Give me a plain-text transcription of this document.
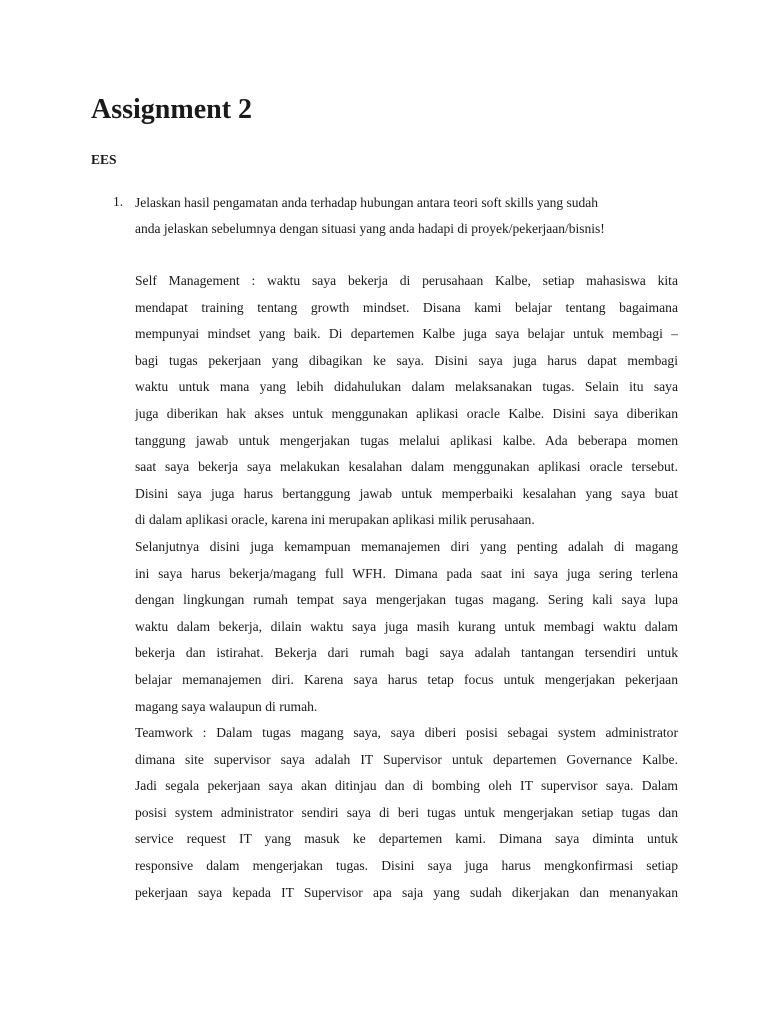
Assignment 2
EES
1. Jelaskan hasil pengamatan anda terhadap hubungan antara teori soft skills yang sudah
anda jelaskan sebelumnya dengan situasi yang anda hadapi di proyek/pekerjaan/bisnis!
Self Management : waktu saya bekerja di perusahaan Kalbe, setiap mahasiswa kita
mendapat training tentang growth mindset. Disana kami belajar tentang bagaimana
mempunyai mindset yang baik. Di departemen Kalbe juga saya belajar untuk membagi –
bagi tugas pekerjaan yang dibagikan ke saya. Disini saya juga harus dapat membagi
waktu untuk mana yang lebih didahulukan dalam melaksanakan tugas. Selain itu saya
juga diberikan hak akses untuk menggunakan aplikasi oracle Kalbe. Disini saya diberikan
tanggung jawab untuk mengerjakan tugas melalui aplikasi kalbe. Ada beberapa momen
saat saya bekerja saya melakukan kesalahan dalam menggunakan aplikasi oracle tersebut.
Disini saya juga harus bertanggung jawab untuk memperbaiki kesalahan yang saya buat
di dalam aplikasi oracle, karena ini merupakan aplikasi milik perusahaan.
Selanjutnya disini juga kemampuan memanajemen diri yang penting adalah di magang
ini saya harus bekerja/magang full WFH. Dimana pada saat ini saya juga sering terlena
dengan lingkungan rumah tempat saya mengerjakan tugas magang. Sering kali saya lupa
waktu dalam bekerja, dilain waktu saya juga masih kurang untuk membagi waktu dalam
bekerja dan istirahat. Bekerja dari rumah bagi saya adalah tantangan tersendiri untuk
belajar memanajemen diri. Karena saya harus tetap focus untuk mengerjakan pekerjaan
magang saya walaupun di rumah.
Teamwork : Dalam tugas magang saya, saya diberi posisi sebagai system administrator
dimana site supervisor saya adalah IT Supervisor untuk departemen Governance Kalbe.
Jadi segala pekerjaan saya akan ditinjau dan di bombing oleh IT supervisor saya. Dalam
posisi system administrator sendiri saya di beri tugas untuk mengerjakan setiap tugas dan
service request IT yang masuk ke departemen kami. Dimana saya diminta untuk
responsive dalam mengerjakan tugas. Disini saya juga harus mengkonfirmasi setiap
pekerjaan saya kepada IT Supervisor apa saja yang sudah dikerjakan dan menanyakan
